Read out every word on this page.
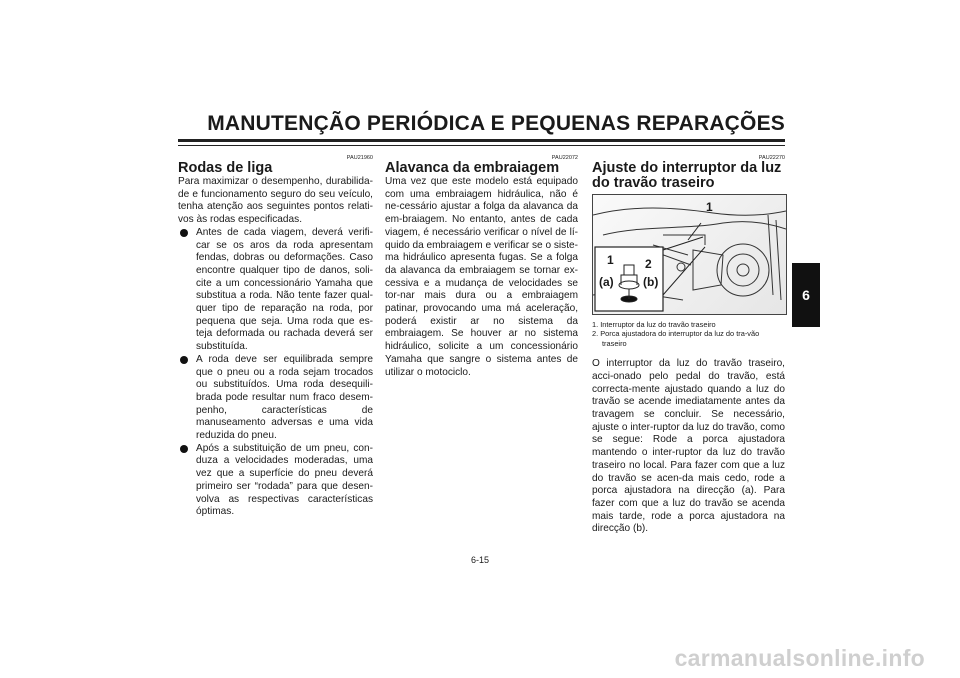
MANUTENÇÃO PERIÓDICA E PEQUENAS REPARAÇÕES
6
PAU21960
Rodas de liga

Para maximizar o desempenho, durabilida-de e funcionamento seguro do seu veículo, tenha atenção aos seguintes pontos relati-vos às rodas especificadas.

Antes de cada viagem, deverá verifi-car se os aros da roda apresentam fendas, dobras ou deformações. Caso encontre qualquer tipo de danos, soli-cite a um concessionário Yamaha que substitua a roda. Não tente fazer qual-quer tipo de reparação na roda, por pequena que seja. Uma roda que es-teja deformada ou rachada deverá ser substituída.
A roda deve ser equilibrada sempre que o pneu ou a roda sejam trocados ou substituídos. Uma roda desequili-brada pode resultar num fraco desem-penho, características de manuseamento adversas e uma vida reduzida do pneu.
Após a substituição de um pneu, con-duza a velocidades moderadas, uma vez que a superfície do pneu deverá primeiro ser “rodada” para que desen-volva as respectivas características óptimas.
PAU22072
Alavanca da embraiagem

Uma vez que este modelo está equipado com uma embraiagem hidráulica, não é ne-cessário ajustar a folga da alavanca da em-braiagem. No entanto, antes de cada viagem, é necessário verificar o nível de lí-quido da embraiagem e verificar se o siste-ma hidráulico apresenta fugas. Se a folga da alavanca da embraiagem se tornar ex-cessiva e a mudança de velocidades se tor-nar mais dura ou a embraiagem patinar, provocando uma má aceleração, poderá existir ar no sistema da embraiagem. Se houver ar no sistema hidráulico, solicite a um concessionário Yamaha que sangre o sistema antes de utilizar o motociclo.

PAU22270
Ajuste do interruptor da luz do travão traseiro
1
1	2
(a) (b)
1. Interruptor da luz do travão traseiro
2. Porca ajustadora do interruptor da luz do tra-vão traseiro

O interruptor da luz do travão traseiro, acci-onado pelo pedal do travão, está correcta-mente ajustado quando a luz do travão se acende imediatamente antes da travagem se concluir. Se necessário, ajuste o inter-ruptor da luz do travão, como se segue: Rode a porca ajustadora mantendo o inter-ruptor da luz do travão traseiro no local. Para fazer com que a luz do travão se acen-da mais cedo, rode a porca ajustadora na direcção (a). Para fazer com que a luz do travão se acenda mais tarde, rode a porca ajustadora na direcção (b).

6-15
carmanualsonline.info
